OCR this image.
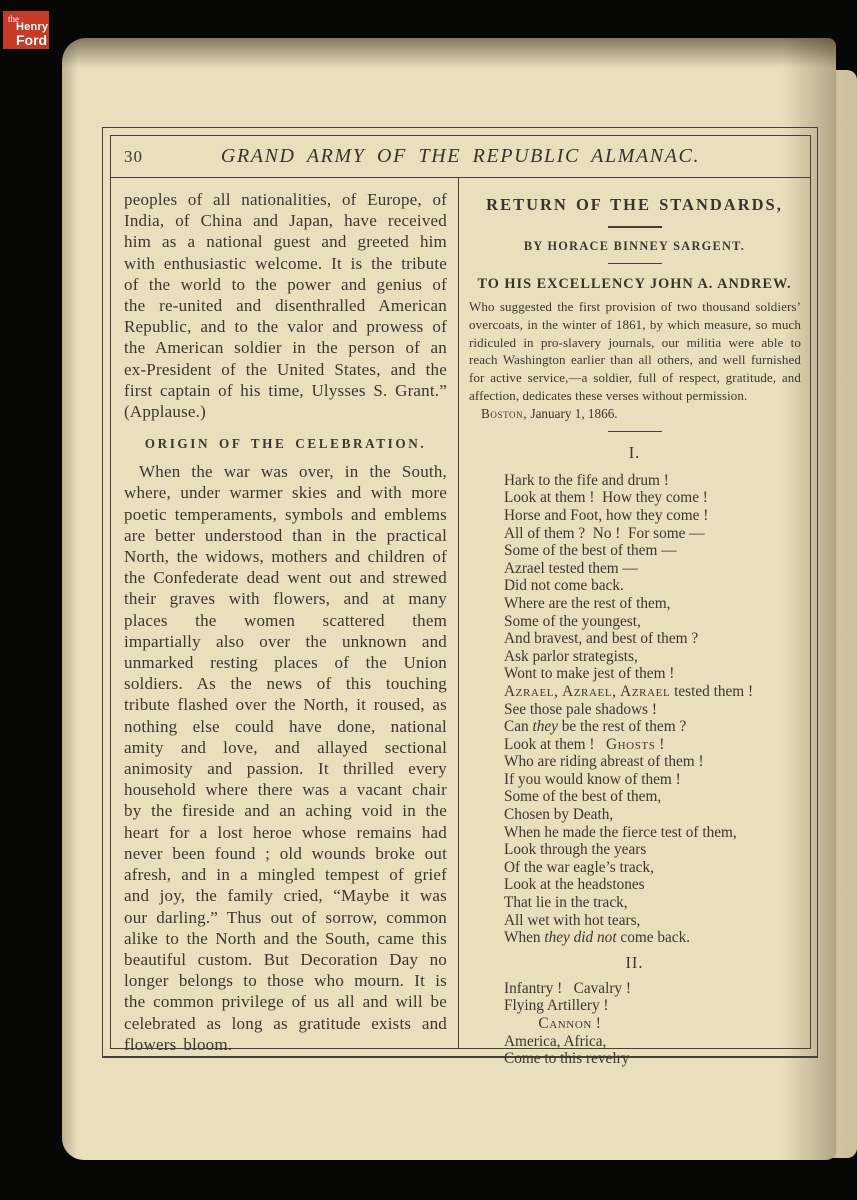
the
Henry
Ford
30	GRAND ARMY OF THE REPUBLIC ALMANAC.

peoples of all nationalities, of Europe, of India, of China and Japan, have received him as a national guest and greeted him with enthusiastic welcome. It is the tribute of the world to the power and genius of the re-united and disenthralled American Republic, and to the valor and prowess of the American soldier in the person of an ex-President of the United States, and the first captain of his time, Ulysses S. Grant.” (Applause.)

ORIGIN OF THE CELEBRATION.

When the war was over, in the South, where, under warmer skies and with more poetic temperaments, symbols and emblems are better understood than in the practical North, the widows, mothers and children of the Confederate dead went out and strewed their graves with flowers, and at many places the women scattered them impartially also over the unknown and unmarked resting places of the Union soldiers. As the news of this touching tribute flashed over the North, it roused, as nothing else could have done, national amity and love, and allayed sectional animosity and passion. It thrilled every household where there was a vacant chair by the fireside and an aching void in the heart for a lost heroe whose remains had never been found ; old wounds broke out afresh, and in a mingled tempest of grief and joy, the family cried, “Maybe it was our darling.” Thus out of sorrow, common alike to the North and the South, came this beautiful custom. But Decoration Day no longer belongs to those who mourn. It is the common privilege of us all and will be celebrated as long as gratitude exists and flowers bloom.

RETURN OF THE STANDARDS,
BY HORACE BINNEY SARGENT.
TO HIS EXCELLENCY JOHN A. ANDREW.

Who suggested the first provision of two thousand soldiers’ overcoats, in the winter of 1861, by which measure, so much ridiculed in pro-slavery journals, our militia were able to reach Washington earlier than all others, and well furnished for active service,—a soldier, full of respect, gratitude, and affection, dedicates these verses without permission.

Boston, January 1, 1866.
I.
Hark to the fife and drum !
Look at them !  How they come !
Horse and Foot, how they come !
All of them ?  No !  For some —
Some of the best of them —
Azrael tested them —
Did not come back.
Where are the rest of them,
Some of the youngest,
And bravest, and best of them ?
Ask parlor strategists,
Wont to make jest of them !
Azrael, Azrael, Azrael tested them !
See those pale shadows !
Can they be the rest of them ?
Look at them !   Ghosts !
Who are riding abreast of them !
If you would know of them !
Some of the best of them,
Chosen by Death,
When he made the fierce test of them,
Look through the years
Of the war eagle’s track,
Look at the headstones
That lie in the track,
All wet with hot tears,
When they did not come back.
II.
Infantry !   Cavalry !
Flying Artillery !
Cannon !
America, Africa,
Come to this revelry
